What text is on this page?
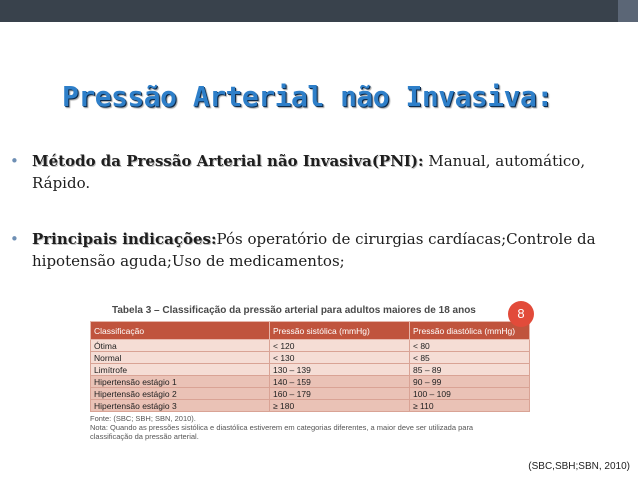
Pressão Arterial não Invasiva:
• Método da Pressão Arterial não Invasiva(PNI): Manual, automático, Rápido.
• Principais indicações:Pós operatório de cirurgias cardíacas;Controle da hipotensão aguda;Uso de medicamentos;
Tabela 3 – Classificação da pressão arterial para adultos maiores de 18 anos	8
Classificação	Pressão sistólica (mmHg)	Pressão diastólica (mmHg)
Ótima	< 120	< 80
Normal	< 130	< 85
Limítrofe	130 – 139	85 – 89
Hipertensão estágio 1	140 – 159	90 – 99
Hipertensão estágio 2	160 – 179	100 – 109
Hipertensão estágio 3	≥ 180	≥ 110
Fonte: (SBC; SBH; SBN, 2010).
Nota: Quando as pressões sistólica e diastólica estiverem em categorias diferentes, a maior deve ser utilizada para
classificação da pressão arterial.
(SBC,SBH;SBN, 2010)
